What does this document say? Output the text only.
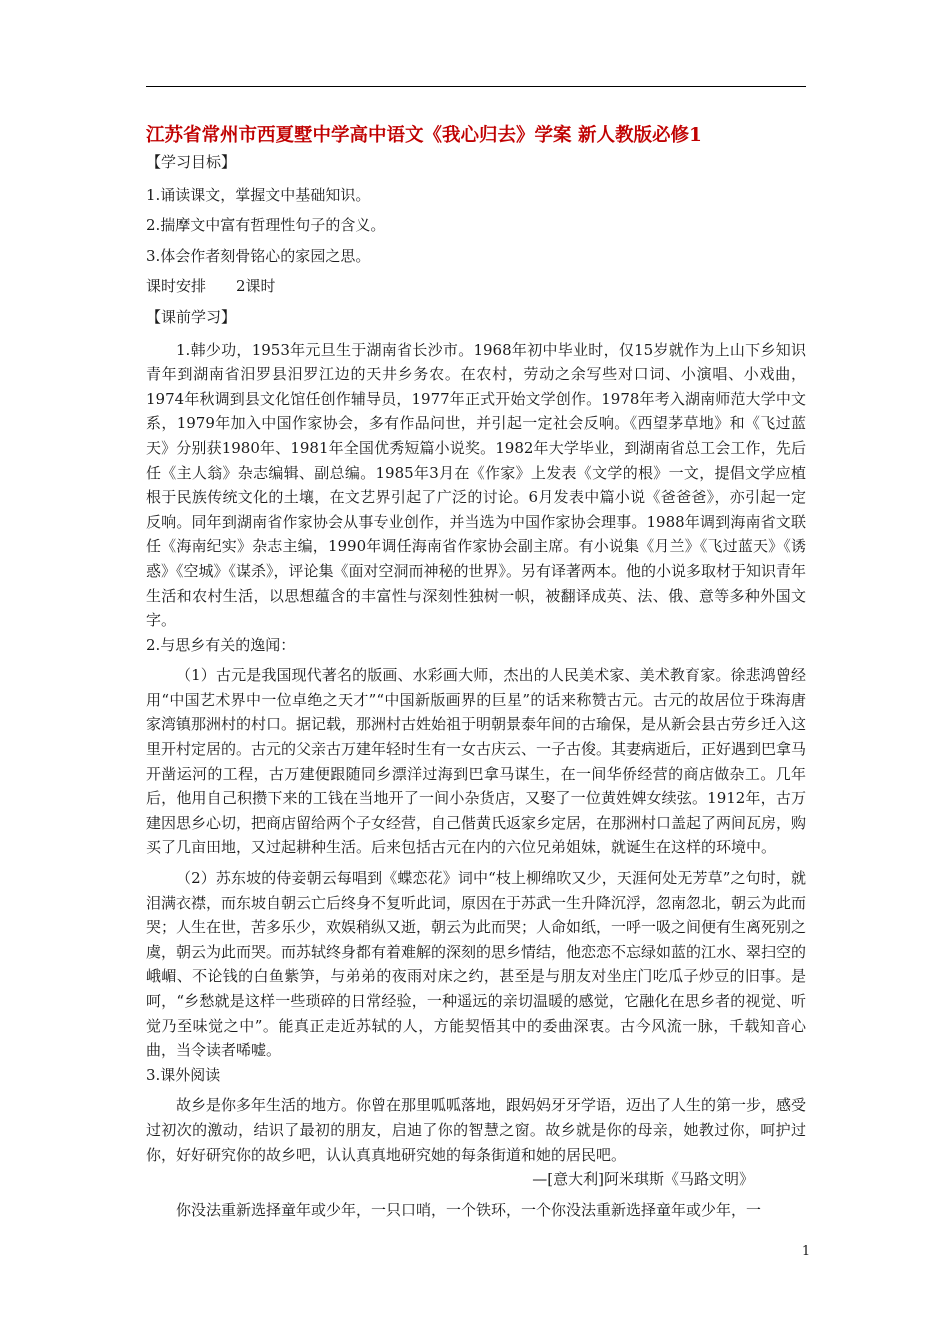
江苏省常州市西夏墅中学高中语文《我心归去》学案 新人教版必修1

【学习目标】

1.诵读课文，掌握文中基础知识。

2.揣摩文中富有哲理性句子的含义。

3.体会作者刻骨铭心的家园之思。

课时安排　　2课时

【课前学习】

1.韩少功，1953年元旦生于湖南省长沙市。1968年初中毕业时，仅15岁就作为上山下乡知识青年到湖南省汨罗县汨罗江边的天井乡务农。在农村，劳动之余写些对口词、小演唱、小戏曲，1974年秋调到县文化馆任创作辅导员，1977年正式开始文学创作。1978年考入湖南师范大学中文系，1979年加入中国作家协会，多有作品问世，并引起一定社会反响。《西望茅草地》和《飞过蓝天》分别获1980年、1981年全国优秀短篇小说奖。1982年大学毕业，到湖南省总工会工作，先后任《主人翁》杂志编辑、副总编。1985年3月在《作家》上发表《文学的根》一文，提倡文学应植根于民族传统文化的土壤，在文艺界引起了广泛的讨论。6月发表中篇小说《爸爸爸》，亦引起一定反响。同年到湖南省作家协会从事专业创作，并当选为中国作家协会理事。1988年调到海南省文联任《海南纪实》杂志主编，1990年调任海南省作家协会副主席。有小说集《月兰》《飞过蓝天》《诱惑》《空城》《谋杀》，评论集《面对空洞而神秘的世界》。另有译著两本。他的小说多取材于知识青年生活和农村生活，以思想蕴含的丰富性与深刻性独树一帜，被翻译成英、法、俄、意等多种外国文字。

2.与思乡有关的逸闻：

（1）古元是我国现代著名的版画、水彩画大师，杰出的人民美术家、美术教育家。徐悲鸿曾经用“中国艺术界中一位卓绝之天才”“中国新版画界的巨星”的话来称赞古元。古元的故居位于珠海唐家湾镇那洲村的村口。据记载，那洲村古姓始祖于明朝景泰年间的古瑜保，是从新会县古劳乡迁入这里开村定居的。古元的父亲古万建年轻时生有一女古庆云、一子古俊。其妻病逝后，正好遇到巴拿马开凿运河的工程，古万建便跟随同乡漂洋过海到巴拿马谋生，在一间华侨经营的商店做杂工。几年后，他用自己积攒下来的工钱在当地开了一间小杂货店，又娶了一位黄姓婢女续弦。1912年，古万建因思乡心切，把商店留给两个子女经营，自己偕黄氏返家乡定居，在那洲村口盖起了两间瓦房，购买了几亩田地，又过起耕种生活。后来包括古元在内的六位兄弟姐妹，就诞生在这样的环境中。

（2）苏东坡的侍妾朝云每唱到《蝶恋花》词中“枝上柳绵吹又少，天涯何处无芳草”之句时，就泪满衣襟，而东坡自朝云亡后终身不复听此词，原因在于苏武一生升降沉浮，忽南忽北，朝云为此而哭；人生在世，苦多乐少，欢娱稍纵又逝，朝云为此而哭；人命如纸，一呼一吸之间便有生离死别之虞，朝云为此而哭。而苏轼终身都有着难解的深刻的思乡情结，他恋恋不忘绿如蓝的江水、翠扫空的峨嵋、不论钱的白鱼紫笋，与弟弟的夜雨对床之约，甚至是与朋友对坐庄门吃瓜子炒豆的旧事。是呵，“乡愁就是这样一些琐碎的日常经验，一种遥远的亲切温暖的感觉，它融化在思乡者的视觉、听觉乃至味觉之中”。能真正走近苏轼的人，方能契悟其中的委曲深衷。古今风流一脉，千载知音心曲，当令读者唏嘘。

3.课外阅读

故乡是你多年生活的地方。你曾在那里呱呱落地，跟妈妈牙牙学语，迈出了人生的第一步，感受过初次的激动，结识了最初的朋友，启迪了你的智慧之窗。故乡就是你的母亲，她教过你，呵护过你，好好研究你的故乡吧，认认真真地研究她的每条街道和她的居民吧。

—[意大利]阿米琪斯《马路文明》

你没法重新选择童年或少年，一只口哨，一个铁环，一个你没法重新选择童年或少年，一

1
